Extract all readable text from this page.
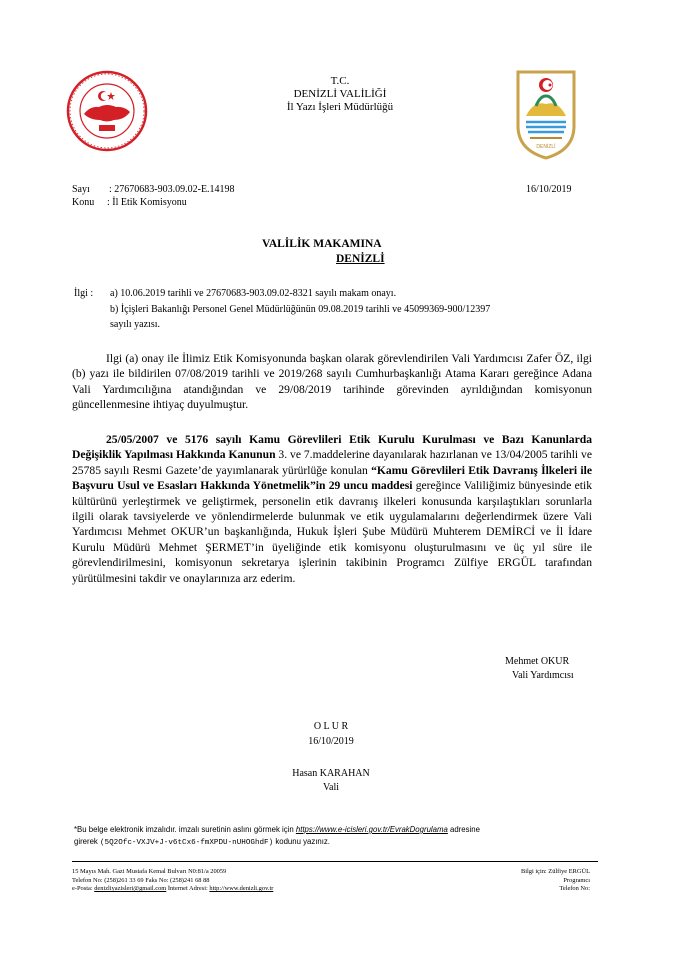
DENİZLİ
T.C.
DENİZLİ VALİLİĞİ
İl Yazı İşleri Müdürlüğü
Sayı : 27670683-903.09.02-E.14198	16/10/2019
Konu : İl Etik Komisyonu
VALİLİK MAKAMINA
DENİZLİ
İlgi : a) 10.06.2019 tarihli ve 27670683-903.09.02-8321 sayılı makam onayı.
b) İçişleri Bakanlığı Personel Genel Müdürlüğünün 09.08.2019 tarihli ve 45099369-900/12397
sayılı yazısı.
Ilgi (a) onay ile İlimiz Etik Komisyonunda başkan olarak görevlendirilen Vali Yardımcısı Zafer ÖZ, ilgi (b) yazı ile bildirilen 07/08/2019 tarihli ve 2019/268 sayılı Cumhurbaşkanlığı Atama Kararı gereğince Adana Vali Yardımcılığına atandığından ve 29/08/2019 tarihinde görevinden ayrıldığından komisyonun güncellenmesine ihtiyaç duyulmuştur.
25/05/2007 ve 5176 sayılı Kamu Görevlileri Etik Kurulu Kurulması ve Bazı Kanunlarda Değişiklik Yapılması Hakkında Kanunun 3. ve 7.maddelerine dayanılarak hazırlanan ve 13/04/2005 tarihli ve 25785 sayılı Resmi Gazete’de yayımlanarak yürürlüğe konulan “Kamu Görevlileri Etik Davranış İlkeleri ile Başvuru Usul ve Esasları Hakkında Yönetmelik”in 29 uncu maddesi gereğince Valiliğimiz bünyesinde etik kültürünü yerleştirmek ve geliştirmek, personelin etik davranış ilkeleri konusunda karşılaştıkları sorunlarla ilgili olarak tavsiyelerde ve yönlendirmelerde bulunmak ve etik uygulamalarını değerlendirmek üzere Vali Yardımcısı Mehmet OKUR’un başkanlığında, Hukuk İşleri Şube Müdürü Muhterem DEMİRCİ ve İl İdare Kurulu Müdürü Mehmet ŞERMET’in üyeliğinde etik komisyonu oluşturulmasını ve üç yıl süre ile görevlendirilmesini, komisyonun sekretarya işlerinin takibinin Programcı Zülfiye ERGÜL tarafından yürütülmesini takdir ve onaylarınıza arz ederim.
Mehmet OKUR
Vali Yardımcısı
O L U R
16/10/2019
Hasan KARAHAN
Vali
*Bu belge elektronik imzalıdır. imzalı suretinin aslını görmek için https://www.e-icisleri.gov.tr/EvrakDogrulama adresine
girerek (5Q2Ofc-VXJV+J-v6tCx6-fmXPDU-nUHOGhdF) kodunu yazınız.
15 Mayıs Mah. Gazi Mustafa Kemal Bulvarı N0:81/a 20059
Telefon No: (258)261 33 69 Faks No: (258)241 68 88
e-Posta: denizliyazisleri@gmail.com İnternet Adresi: http://www.denizli.gov.tr
Bilgi için: Zülfiye ERGÜL
Programcı
Telefon No:
